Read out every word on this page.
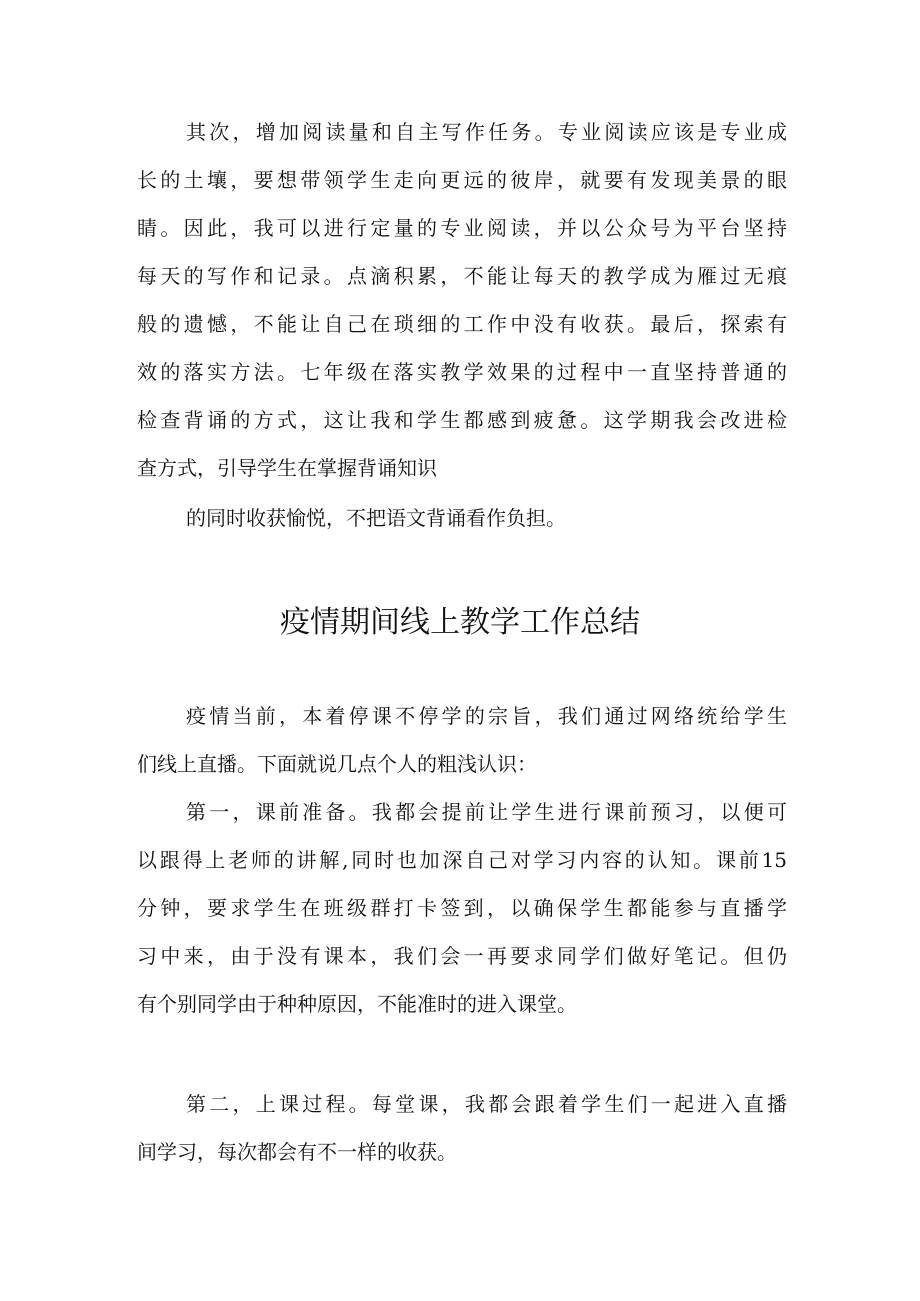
其次，增加阅读量和自主写作任务。专业阅读应该是专业成
长的土壤，要想带领学生走向更远的彼岸，就要有发现美景的眼
睛。因此，我可以进行定量的专业阅读，并以公众号为平台坚持
每天的写作和记录。点滴积累，不能让每天的教学成为雁过无痕
般的遗憾，不能让自己在琐细的工作中没有收获。最后，探索有
效的落实方法。七年级在落实教学效果的过程中一直坚持普通的
检查背诵的方式，这让我和学生都感到疲惫。这学期我会改进检
查方式，引导学生在掌握背诵知识
的同时收获愉悦，不把语文背诵看作负担。
疫情期间线上教学工作总结
疫情当前，本着停课不停学的宗旨，我们通过网络统给学生
们线上直播。下面就说几点个人的粗浅认识：
第一，课前准备。我都会提前让学生进行课前预习，以便可
以跟得上老师的讲解,同时也加深自己对学习内容的认知。课前15
分钟，要求学生在班级群打卡签到，以确保学生都能参与直播学
习中来，由于没有课本，我们会一再要求同学们做好笔记。但仍
有个别同学由于种种原因，不能准时的进入课堂。
第二，上课过程。每堂课，我都会跟着学生们一起进入直播
间学习，每次都会有不一样的收获。
